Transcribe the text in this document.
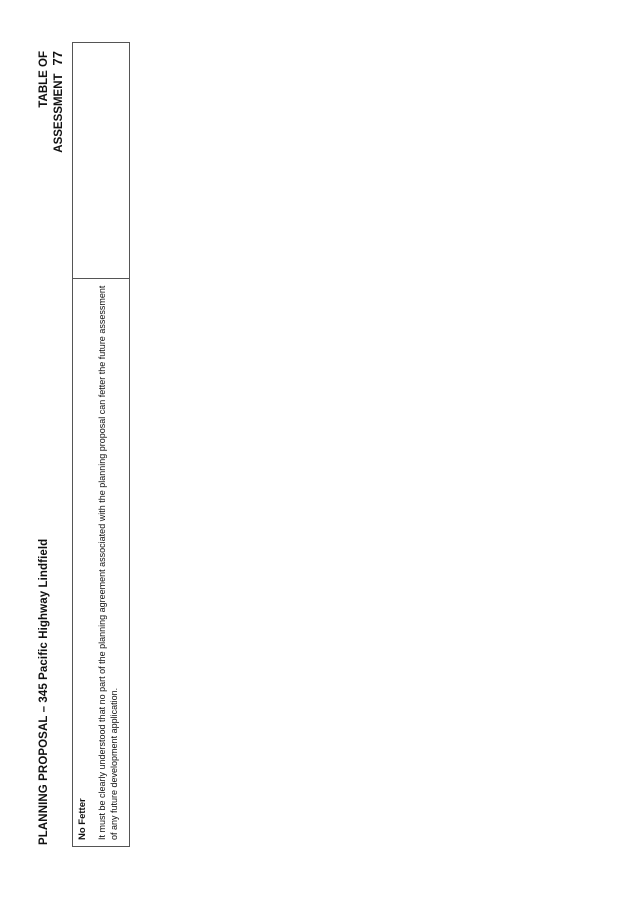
PLANNING PROPOSAL – 345 Pacific Highway Lindfield
TABLE OF ASSESSMENT77
No Fetter It must be clearly understood that no part of the planning agreement associated with the planning proposal can fetter the future assessment of any future development application.
